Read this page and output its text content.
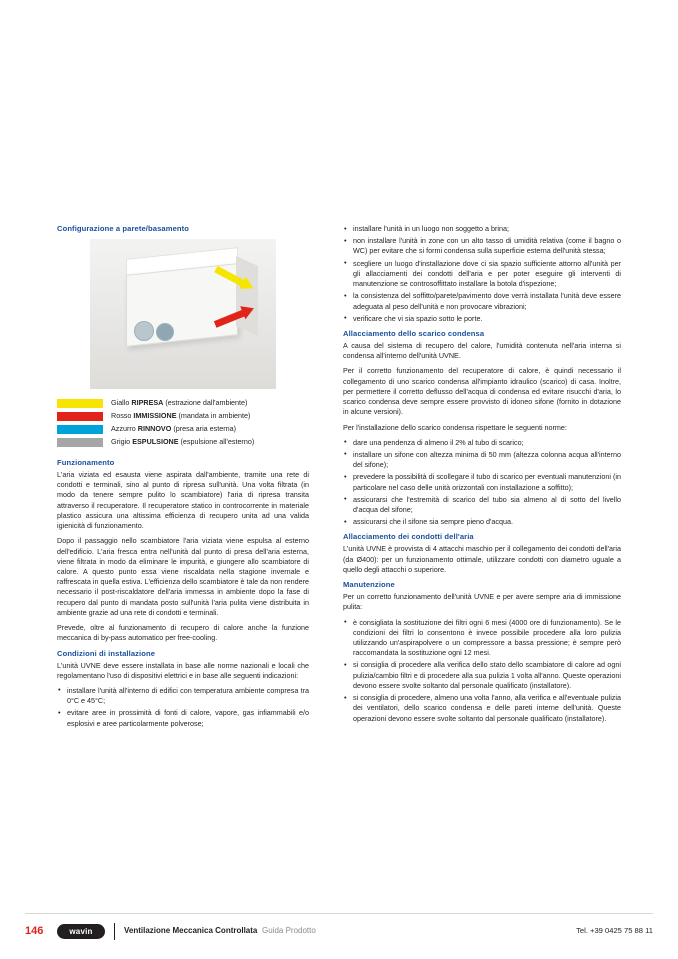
Configurazione a parete/basamento
Giallo RIPRESA (estrazione dall'ambiente)
Rosso IMMISSIONE (mandata in ambiente)
Azzurro RINNOVO (presa aria esterna)
Grigio ESPULSIONE (espulsione all'esterno)
Funzionamento

L'aria viziata ed esausta viene aspirata dall'ambiente, tramite una rete di condotti e terminali, sino al punto di ripresa sull'unità. Una volta filtrata (in modo da tenere sempre pulito lo scambiatore) l'aria di ripresa transita attraverso il recuperatore. Il recuperatore statico in controcorrente in materiale plastico assicura una altissima efficienza di recupero unita ad una valida igienicità di funzionamento.

Dopo il passaggio nello scambiatore l'aria viziata viene espulsa al esterno dell'edificio. L'aria fresca entra nell'unità dal punto di presa dell'aria esterna, viene filtrata in modo da eliminare le impurità, e giungere allo scambiatore di calore. A questo punto essa viene riscaldata nella stagione invernale e raffrescata in quella estiva. L'efficienza dello scambiatore è tale da non rendere necessario il post-riscaldatore dell'aria immessa in ambiente dopo la fase di recupero dal punto di mandata posto sull'unità l'aria pulita viene distribuita in ambiente grazie ad una rete di condotti e terminali.

Prevede, oltre al funzionamento di recupero di calore anche la funzione meccanica di by-pass automatico per free-cooling.

Condizioni di installazione

L'unità UVNE deve essere installata in base alle norme nazionali e locali che regolamentano l'uso di dispositivi elettrici e in base alle seguenti indicazioni:

• installare l'unità all'interno di edifici con temperatura ambiente compresa tra 0°C e 45°C;
• evitare aree in prossimità di fonti di calore, vapore, gas infiammabili e/o esplosivi e aree particolarmente polverose;
• installare l'unità in un luogo non soggetto a brina;
• non installare l'unità in zone con un alto tasso di umidità relativa (come il bagno o WC) per evitare che si formi condensa sulla superficie esterna dell'unità stessa;
• scegliere un luogo d'installazione dove ci sia spazio sufficiente attorno all'unità per gli allacciamenti dei condotti dell'aria e per poter eseguire gli interventi di manutenzione se controsoffittato installare la botola d'ispezione;
• la consistenza del soffitto/parete/pavimento dove verrà installata l'unità deve essere adeguata al peso dell'unità e non provocare vibrazioni;
• verificare che vi sia spazio sotto le porte.
Allacciamento dello scarico condensa

A causa del sistema di recupero del calore, l'umidità contenuta nell'aria interna si condensa all'interno dell'unità UVNE.

Per il corretto funzionamento del recuperatore di calore, è quindi necessario il collegamento di uno scarico condensa all'impianto idraulico (scarico) di casa. Inoltre, per permettere il corretto deflusso dell'acqua di condensa ed evitare risucchi d'aria, lo scarico condensa deve sempre essere provvisto di idoneo sifone (fornito in dotazione in alcune versioni).

Per l'installazione dello scarico condensa rispettare le seguenti norme:

• dare una pendenza di almeno il 2% al tubo di scarico;
• installare un sifone con altezza minima di 50 mm (altezza colonna acqua all'interno del sifone);
• prevedere la possibilità di scollegare il tubo di scarico per eventuali manutenzioni (in particolare nel caso delle unità orizzontali con installazione a soffitto);
• assicurarsi che l'estremità di scarico del tubo sia almeno al di sotto del livello d'acqua del sifone;
• assicurarsi che il sifone sia sempre pieno d'acqua.
Allacciamento dei condotti dell'aria

L'unità UVNE è provvista di 4 attacchi maschio per il collegamento dei condotti dell'aria (da Ø400): per un funzionamento ottimale, utilizzare condotti con diametro uguale a quello degli attacchi o superiore.

Manutenzione

Per un corretto funzionamento dell'unità UVNE e per avere sempre aria di immissione pulita:

• è consigliata la sostituzione dei filtri ogni 6 mesi (4000 ore di funzionamento). Se le condizioni dei filtri lo consentono è invece possibile procedere alla loro pulizia utilizzando un'aspirapolvere o un compressore a bassa pressione; è sempre però raccomandata la sostituzione ogni 12 mesi.
• si consiglia di procedere alla verifica dello stato dello scambiatore di calore ad ogni pulizia/cambio filtri e di procedere alla sua pulizia 1 volta all'anno. Queste operazioni devono essere svolte soltanto dal personale qualificato (installatore).
• si consiglia di procedere, almeno una volta l'anno, alla verifica e all'eventuale pulizia dei ventilatori, dello scarico condensa e delle pareti interne dell'unità. Queste operazioni devono essere svolte soltanto dal personale qualificato (installatore).
146	wavin	Ventilazione Meccanica Controllata Guida Prodotto	Tel. +39 0425 75 88 11
